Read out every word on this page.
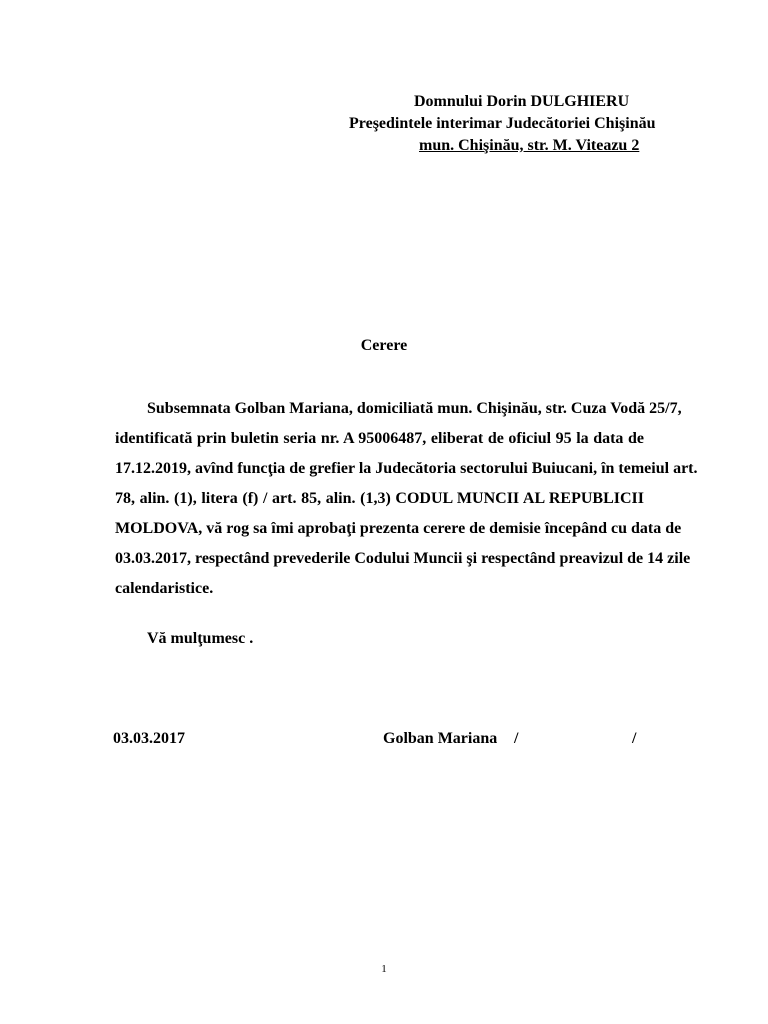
Domnului Dorin DULGHIERU
Preşedintele interimar Judecătoriei Chişinău
mun. Chişinău, str. M. Viteazu 2
Cerere
Subsemnata Golban Mariana, domiciliată mun. Chişinău, str. Cuza Vodă 25/7,
identificată prin buletin seria nr. A 95006487, eliberat de oficiul 95 la data de
17.12.2019, avînd funcţia de grefier la Judecătoria sectorului Buiucani, în temeiul art.
78, alin. (1), litera (f) / art. 85, alin. (1,3) CODUL MUNCII AL REPUBLICII
MOLDOVA, vă rog sa îmi aprobaţi prezenta cerere de demisie începând cu data de
03.03.2017, respectând prevederile Codului Muncii şi respectând preavizul de 14 zile
calendaristice.
Vă mulţumesc .
03.03.2017	Golban Mariana /	/
1
